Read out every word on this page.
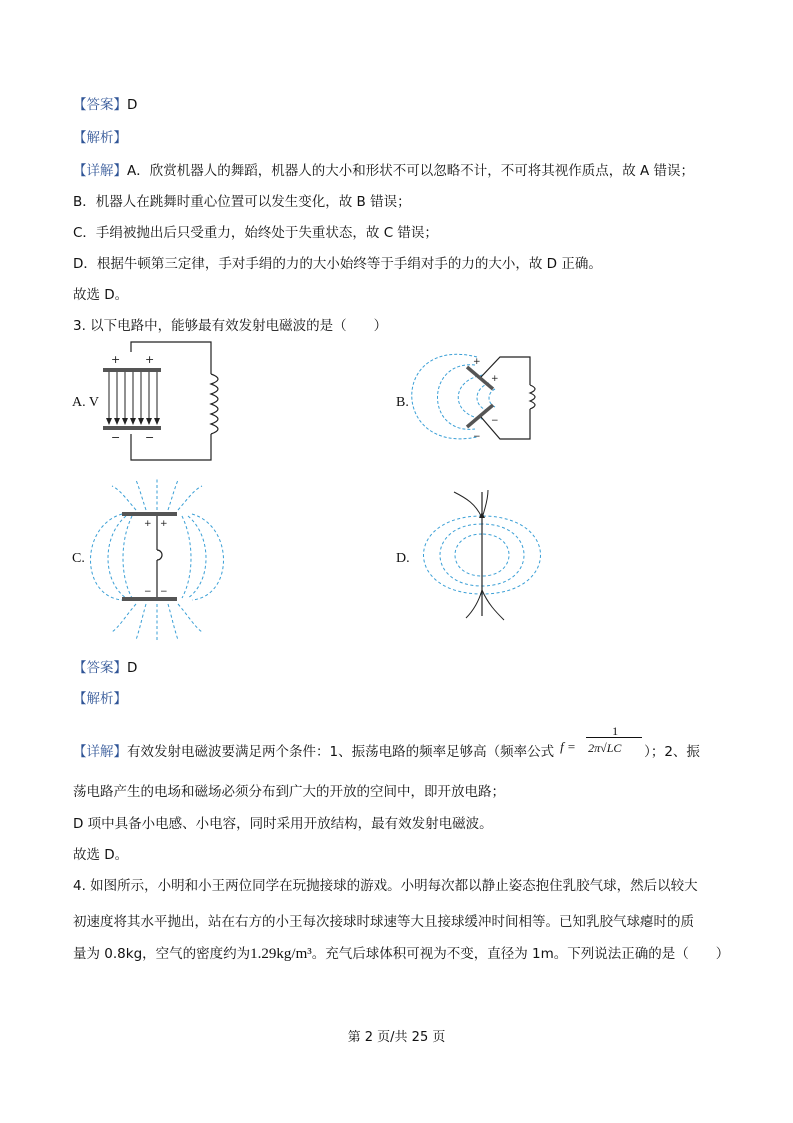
【答案】D
【解析】
【详解】A．欣赏机器人的舞蹈，机器人的大小和形状不可以忽略不计，不可将其视作质点，故 A 错误；
B．机器人在跳舞时重心位置可以发生变化，故 B 错误；
C．手绢被抛出后只受重力，始终处于失重状态，故 C 错误；
D．根据牛顿第三定律，手对手绢的力的大小始终等于手绢对手的力的大小，故 D 正确。
故选 D。
3. 以下电路中，能够最有效发射电磁波的是（　　）
A. V	B.
C.	D.
+ +
− −
+
+
−
−
+ +
− −
【答案】D
【解析】
【详解】有效发射电磁波要满足两个条件：1、振荡电路的频率足够高（频率公式 f =
1
2π√LC ）；2、振
荡电路产生的电场和磁场必须分布到广大的开放的空间中，即开放电路；
D 项中具备小电感、小电容，同时采用开放结构，最有效发射电磁波。
故选 D。
4. 如图所示，小明和小王两位同学在玩抛接球的游戏。小明每次都以静止姿态抱住乳胶气球，然后以较大
初速度将其水平抛出，站在右方的小王每次接球时球速等大且接球缓冲时间相等。已知乳胶气球瘪时的质
量为 0.8kg，空气的密度约为1.29kg/m³。充气后球体积可视为不变，直径为 1m。下列说法正确的是（　　）
第 2 页/共 25 页
